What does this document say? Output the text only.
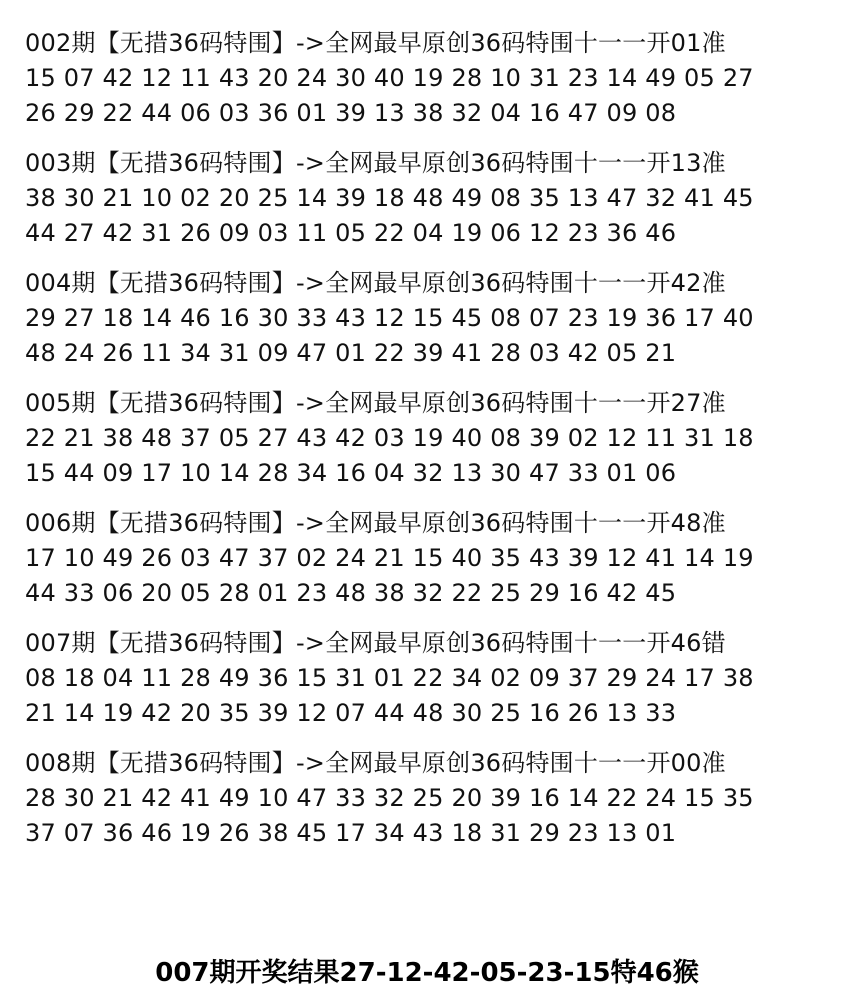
002期【无措36码特围】->全网最早原创36码特围十一一开01准
15 07 42 12 11 43 20 24 30 40 19 28 10 31 23 14 49 05 27
26 29 22 44 06 03 36 01 39 13 38 32 04 16 47 09 08
003期【无措36码特围】->全网最早原创36码特围十一一开13准
38 30 21 10 02 20 25 14 39 18 48 49 08 35 13 47 32 41 45
44 27 42 31 26 09 03 11 05 22 04 19 06 12 23 36 46
004期【无措36码特围】->全网最早原创36码特围十一一开42准
29 27 18 14 46 16 30 33 43 12 15 45 08 07 23 19 36 17 40
48 24 26 11 34 31 09 47 01 22 39 41 28 03 42 05 21
005期【无措36码特围】->全网最早原创36码特围十一一开27准
22 21 38 48 37 05 27 43 42 03 19 40 08 39 02 12 11 31 18
15 44 09 17 10 14 28 34 16 04 32 13 30 47 33 01 06
006期【无措36码特围】->全网最早原创36码特围十一一开48准
17 10 49 26 03 47 37 02 24 21 15 40 35 43 39 12 41 14 19
44 33 06 20 05 28 01 23 48 38 32 22 25 29 16 42 45
007期【无措36码特围】->全网最早原创36码特围十一一开46错
08 18 04 11 28 49 36 15 31 01 22 34 02 09 37 29 24 17 38
21 14 19 42 20 35 39 12 07 44 48 30 25 16 26 13 33
008期【无措36码特围】->全网最早原创36码特围十一一开00准
28 30 21 42 41 49 10 47 33 32 25 20 39 16 14 22 24 15 35
37 07 36 46 19 26 38 45 17 34 43 18 31 29 23 13 01
007期开奖结果27-12-42-05-23-15特46猴
